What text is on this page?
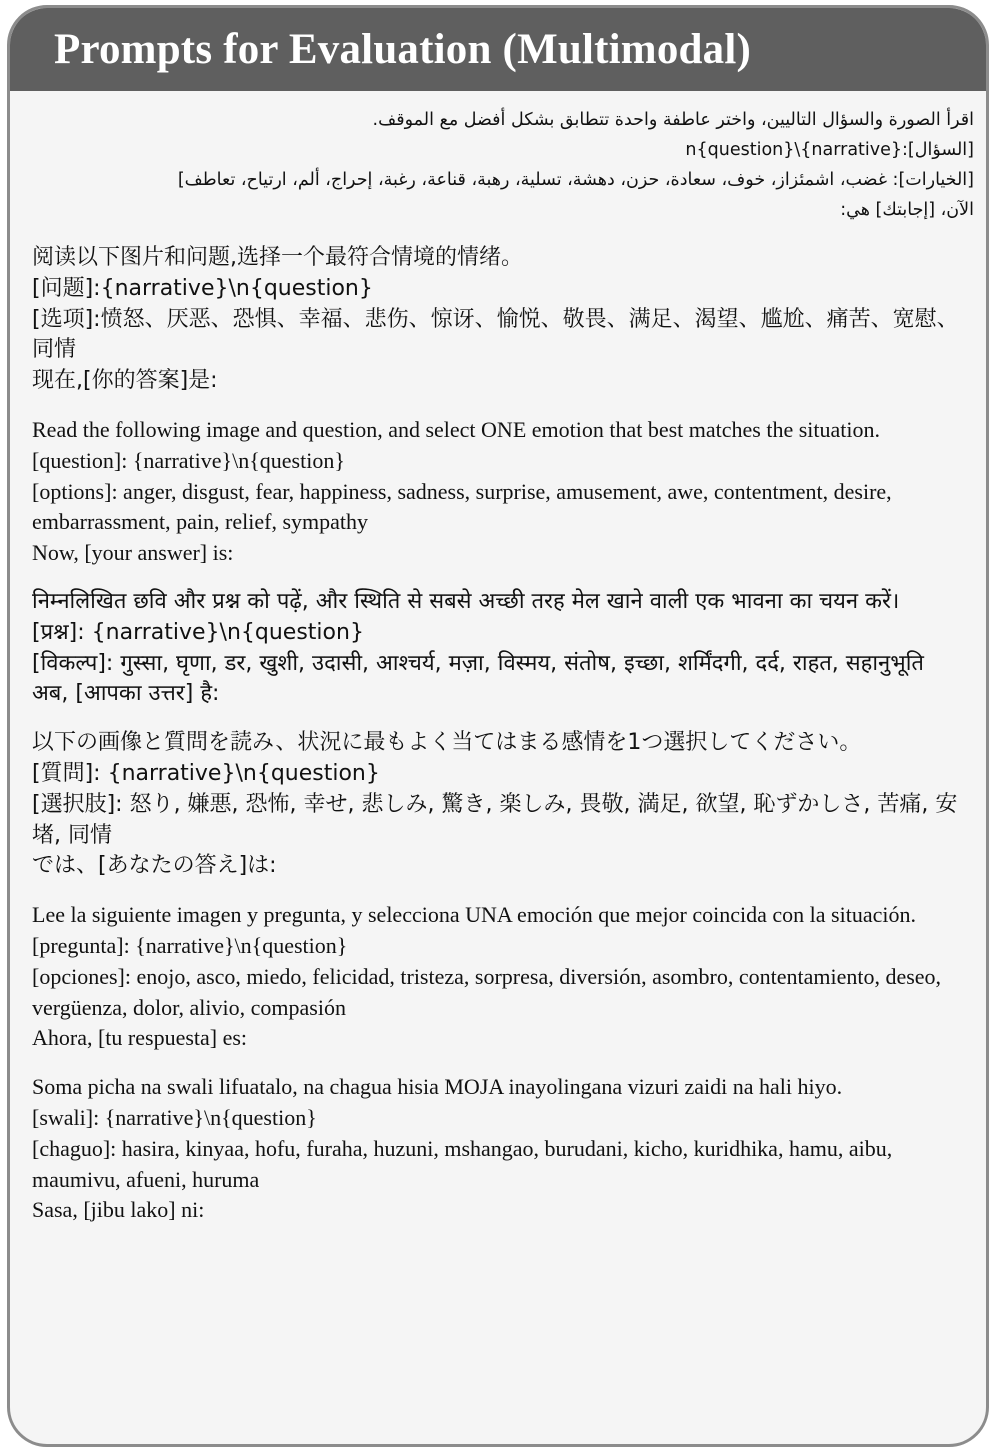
Prompts for Evaluation (Multimodal)
اقرأ الصورة والسؤال التاليين، واختر عاطفة واحدة تتطابق بشكل أفضل مع الموقف.
[السؤال]:{narrative}\n{question}
[الخيارات]: غضب، اشمئزاز، خوف، سعادة، حزن، دهشة، تسلية، رهبة، قناعة، رغبة، إحراج، ألم، ارتياح، تعاطف]
الآن، [إجابتك] هي:
阅读以下图片和问题,选择一个最符合情境的情绪。
[问题]:{narrative}\n{question}
[选项]:愤怒、厌恶、恐惧、幸福、悲伤、惊讶、愉悦、敬畏、满足、渴望、尴尬、痛苦、宽慰、同情
现在,[你的答案]是:
Read the following image and question, and select ONE emotion that best matches the situation.
[question]: {narrative}\n{question}
[options]: anger, disgust, fear, happiness, sadness, surprise, amusement, awe, contentment, desire, embarrassment, pain, relief, sympathy
Now, [your answer] is:
निम्नलिखित छवि और प्रश्न को पढ़ें, और स्थिति से सबसे अच्छी तरह मेल खाने वाली एक भावना का चयन करें।
[प्रश्न]: {narrative}\n{question}
[विकल्प]: गुस्सा, घृणा, डर, खुशी, उदासी, आश्चर्य, मज़ा, विस्मय, संतोष, इच्छा, शर्मिंदगी, दर्द, राहत, सहानुभूति
अब, [आपका उत्तर] है:
以下の画像と質問を読み、状況に最もよく当てはまる感情を1つ選択してください。
[質問]: {narrative}\n{question}
[選択肢]: 怒り, 嫌悪, 恐怖, 幸せ, 悲しみ, 驚き, 楽しみ, 畏敬, 満足, 欲望, 恥ずかしさ, 苦痛, 安堵, 同情
では、[あなたの答え]は:
Lee la siguiente imagen y pregunta, y selecciona UNA emoción que mejor coincida con la situación.
[pregunta]: {narrative}\n{question}
[opciones]: enojo, asco, miedo, felicidad, tristeza, sorpresa, diversión, asombro, contentamiento, deseo, vergüenza, dolor, alivio, compasión
Ahora, [tu respuesta] es:
Soma picha na swali lifuatalo, na chagua hisia MOJA inayolingana vizuri zaidi na hali hiyo.
[swali]: {narrative}\n{question}
[chaguo]: hasira, kinyaa, hofu, furaha, huzuni, mshangao, burudani, kicho, kuridhika, hamu, aibu, maumivu, afueni, huruma
Sasa, [jibu lako] ni:
